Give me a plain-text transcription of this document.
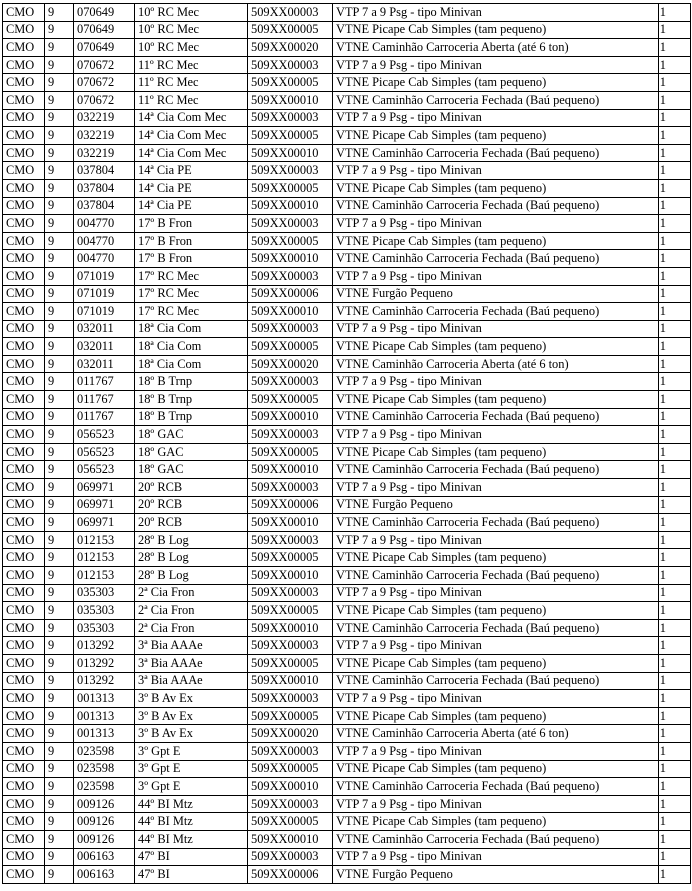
CMO	9	070649	10º RC Mec	509XX00003	VTP 7 a 9 Psg - tipo Minivan	1
CMO	9	070649	10º RC Mec	509XX00005	VTNE Picape Cab Simples (tam pequeno)	1
CMO	9	070649	10º RC Mec	509XX00020	VTNE Caminhão Carroceria Aberta (até 6 ton)	1
CMO	9	070672	11º RC Mec	509XX00003	VTP 7 a 9 Psg - tipo Minivan	1
CMO	9	070672	11º RC Mec	509XX00005	VTNE Picape Cab Simples (tam pequeno)	1
CMO	9	070672	11º RC Mec	509XX00010	VTNE Caminhão Carroceria Fechada (Baú pequeno)	1
CMO	9	032219	14ª Cia Com Mec	509XX00003	VTP 7 a 9 Psg - tipo Minivan	1
CMO	9	032219	14ª Cia Com Mec	509XX00005	VTNE Picape Cab Simples (tam pequeno)	1
CMO	9	032219	14ª Cia Com Mec	509XX00010	VTNE Caminhão Carroceria Fechada (Baú pequeno)	1
CMO	9	037804	14ª Cia PE	509XX00003	VTP 7 a 9 Psg - tipo Minivan	1
CMO	9	037804	14ª Cia PE	509XX00005	VTNE Picape Cab Simples (tam pequeno)	1
CMO	9	037804	14ª Cia PE	509XX00010	VTNE Caminhão Carroceria Fechada (Baú pequeno)	1
CMO	9	004770	17º B Fron	509XX00003	VTP 7 a 9 Psg - tipo Minivan	1
CMO	9	004770	17º B Fron	509XX00005	VTNE Picape Cab Simples (tam pequeno)	1
CMO	9	004770	17º B Fron	509XX00010	VTNE Caminhão Carroceria Fechada (Baú pequeno)	1
CMO	9	071019	17º RC Mec	509XX00003	VTP 7 a 9 Psg - tipo Minivan	1
CMO	9	071019	17º RC Mec	509XX00006	VTNE Furgão Pequeno	1
CMO	9	071019	17º RC Mec	509XX00010	VTNE Caminhão Carroceria Fechada (Baú pequeno)	1
CMO	9	032011	18ª Cia Com	509XX00003	VTP 7 a 9 Psg - tipo Minivan	1
CMO	9	032011	18ª Cia Com	509XX00005	VTNE Picape Cab Simples (tam pequeno)	1
CMO	9	032011	18ª Cia Com	509XX00020	VTNE Caminhão Carroceria Aberta (até 6 ton)	1
CMO	9	011767	18º B Trnp	509XX00003	VTP 7 a 9 Psg - tipo Minivan	1
CMO	9	011767	18º B Trnp	509XX00005	VTNE Picape Cab Simples (tam pequeno)	1
CMO	9	011767	18º B Trnp	509XX00010	VTNE Caminhão Carroceria Fechada (Baú pequeno)	1
CMO	9	056523	18º GAC	509XX00003	VTP 7 a 9 Psg - tipo Minivan	1
CMO	9	056523	18º GAC	509XX00005	VTNE Picape Cab Simples (tam pequeno)	1
CMO	9	056523	18º GAC	509XX00010	VTNE Caminhão Carroceria Fechada (Baú pequeno)	1
CMO	9	069971	20º RCB	509XX00003	VTP 7 a 9 Psg - tipo Minivan	1
CMO	9	069971	20º RCB	509XX00006	VTNE Furgão Pequeno	1
CMO	9	069971	20º RCB	509XX00010	VTNE Caminhão Carroceria Fechada (Baú pequeno)	1
CMO	9	012153	28º B Log	509XX00003	VTP 7 a 9 Psg - tipo Minivan	1
CMO	9	012153	28º B Log	509XX00005	VTNE Picape Cab Simples (tam pequeno)	1
CMO	9	012153	28º B Log	509XX00010	VTNE Caminhão Carroceria Fechada (Baú pequeno)	1
CMO	9	035303	2ª Cia Fron	509XX00003	VTP 7 a 9 Psg - tipo Minivan	1
CMO	9	035303	2ª Cia Fron	509XX00005	VTNE Picape Cab Simples (tam pequeno)	1
CMO	9	035303	2ª Cia Fron	509XX00010	VTNE Caminhão Carroceria Fechada (Baú pequeno)	1
CMO	9	013292	3ª Bia AAAe	509XX00003	VTP 7 a 9 Psg - tipo Minivan	1
CMO	9	013292	3ª Bia AAAe	509XX00005	VTNE Picape Cab Simples (tam pequeno)	1
CMO	9	013292	3ª Bia AAAe	509XX00010	VTNE Caminhão Carroceria Fechada (Baú pequeno)	1
CMO	9	001313	3º B Av Ex	509XX00003	VTP 7 a 9 Psg - tipo Minivan	1
CMO	9	001313	3º B Av Ex	509XX00005	VTNE Picape Cab Simples (tam pequeno)	1
CMO	9	001313	3º B Av Ex	509XX00020	VTNE Caminhão Carroceria Aberta (até 6 ton)	1
CMO	9	023598	3º Gpt E	509XX00003	VTP 7 a 9 Psg - tipo Minivan	1
CMO	9	023598	3º Gpt E	509XX00005	VTNE Picape Cab Simples (tam pequeno)	1
CMO	9	023598	3º Gpt E	509XX00010	VTNE Caminhão Carroceria Fechada (Baú pequeno)	1
CMO	9	009126	44º BI Mtz	509XX00003	VTP 7 a 9 Psg - tipo Minivan	1
CMO	9	009126	44º BI Mtz	509XX00005	VTNE Picape Cab Simples (tam pequeno)	1
CMO	9	009126	44º BI Mtz	509XX00010	VTNE Caminhão Carroceria Fechada (Baú pequeno)	1
CMO	9	006163	47º BI	509XX00003	VTP 7 a 9 Psg - tipo Minivan	1
CMO	9	006163	47º BI	509XX00006	VTNE Furgão Pequeno	1
